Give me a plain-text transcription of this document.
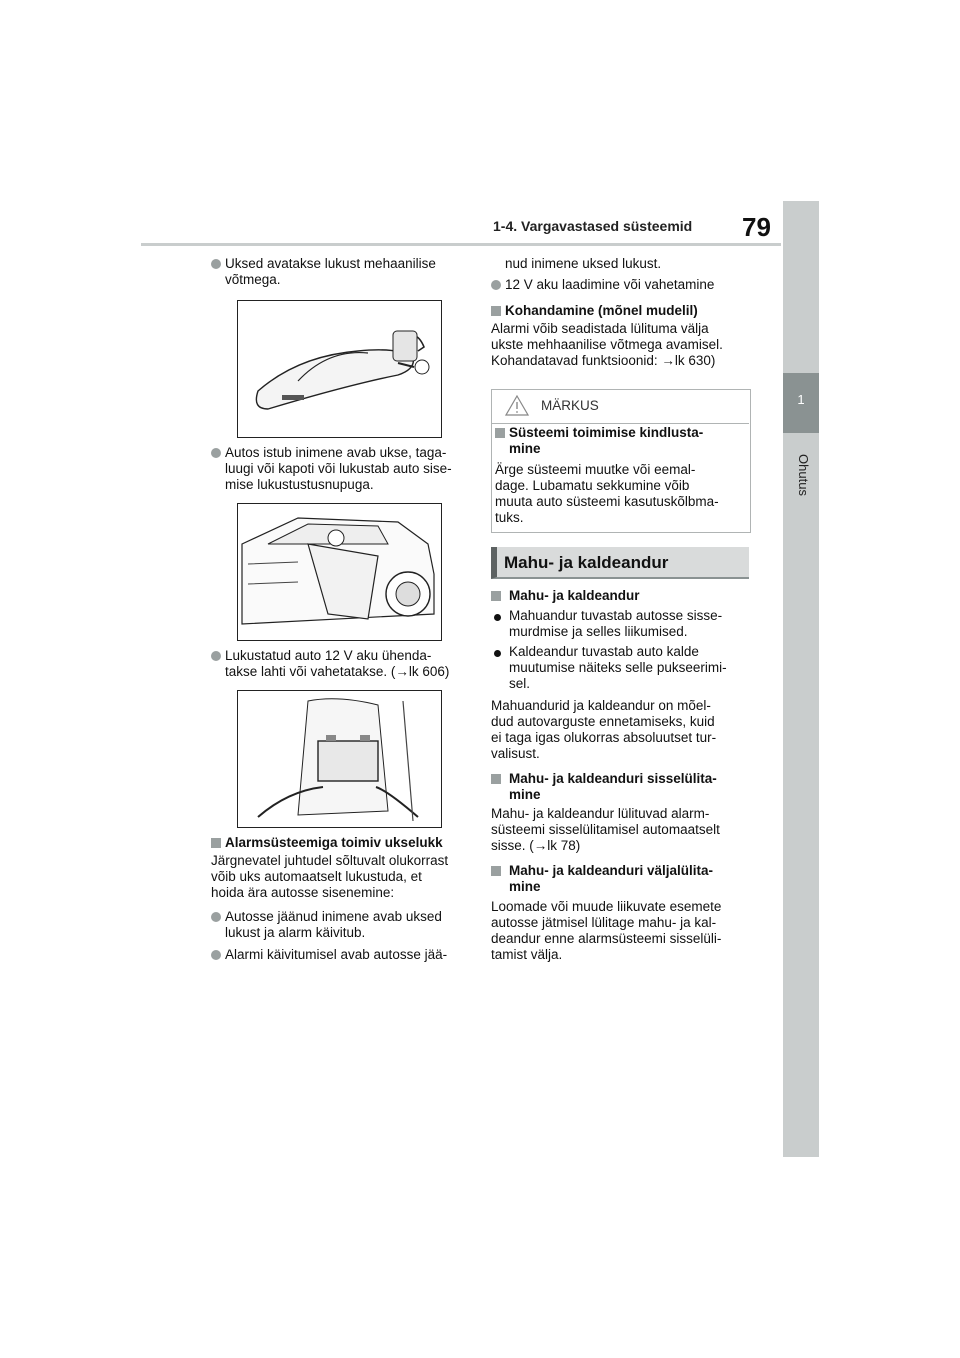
1-4. Vargavastased süsteemid 79
1
Ohutus
Uksed avatakse lukust mehaanilise
võtmega.
Autos istub inimene avab ukse, taga-
luugi või kapoti või lukustab auto sise-
mise lukustustusnupuga.
Lukustatud auto 12 V aku ühenda-
takse lahti või vahetatakse. (→lk 606)
Alarmsüsteemiga toimiv ukselukk
Järgnevatel juhtudel sõltuvalt olukorrast
võib uks automaatselt lukustuda, et
hoida ära autosse sisenemine:
Autosse jäänud inimene avab uksed
lukust ja alarm käivitub.
Alarmi käivitumisel avab autosse jää-
nud inimene uksed lukust.
12 V aku laadimine või vahetamine
Kohandamine (mõnel mudelil)
Alarmi võib seadistada lülituma välja
ukste mehhaanilise võtmega avamisel.
Kohandatavad funktsioonid: →lk 630)
MÄRKUS
Süsteemi toimimise kindlusta-
mine
Ärge süsteemi muutke või eemal-
dage. Lubamatu sekkumine võib
muuta auto süsteemi kasutuskõlbma-
tuks.
Mahu- ja kaldeandur
Mahu- ja kaldeandur
Mahuandur tuvastab autosse sisse-
murdmise ja selles liikumised.
Kaldeandur tuvastab auto kalde
muutumise näiteks selle pukseerimi-
sel.
Mahuandurid ja kaldeandur on mõel-
dud autovarguste ennetamiseks, kuid
ei taga igas olukorras absoluutset tur-
valisust.
Mahu- ja kaldeanduri sisselülita-
mine
Mahu- ja kaldeandur lülituvad alarm-
süsteemi sisselülitamisel automaatselt
sisse. (→lk 78)
Mahu- ja kaldeanduri väljalülita-
mine
Loomade või muude liikuvate esemete
autosse jätmisel lülitage mahu- ja kal-
deandur enne alarmsüsteemi sisselüli-
tamist välja.
